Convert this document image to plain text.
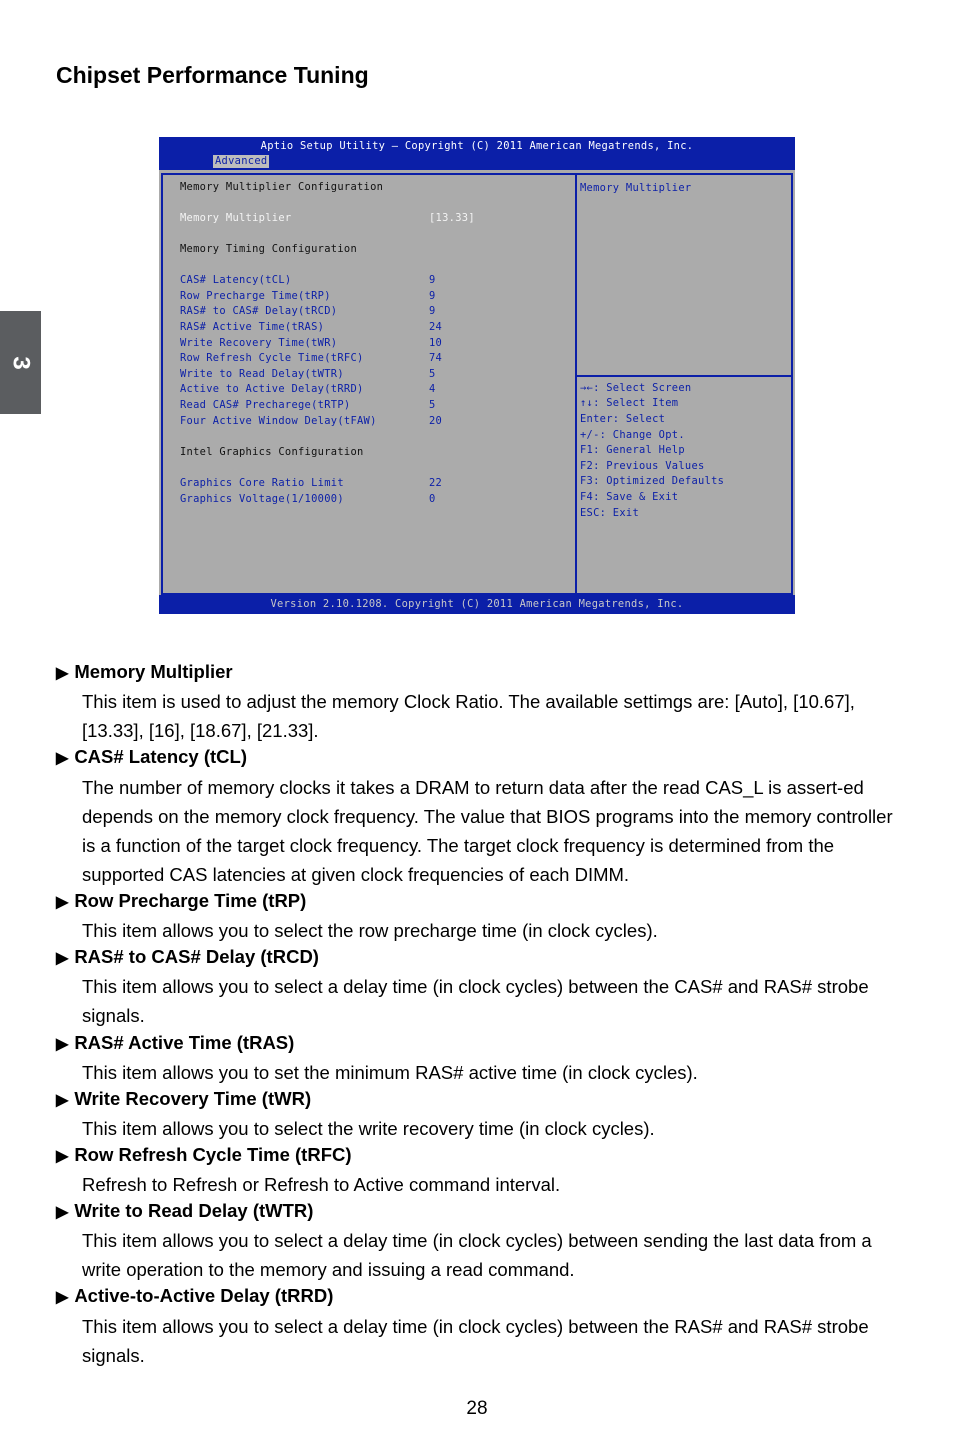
Chipset Performance Tuning
3
Aptio Setup Utility – Copyright (C) 2011 American Megatrends, Inc.
Advanced
Memory Multiplier Configuration
Memory Multiplier	[13.33]
Memory Timing Configuration
CAS# Latency(tCL)	9
Row Precharge Time(tRP)	9
RAS# to CAS# Delay(tRCD)	9
RAS# Active Time(tRAS)	24
Write Recovery Time(tWR)	10
Row Refresh Cycle Time(tRFC)	74
Write to Read Delay(tWTR)	5
Active to Active Delay(tRRD)	4
Read CAS# Precharege(tRTP)	5
Four Active Window Delay(tFAW)	20
Intel Graphics Configuration
Graphics Core Ratio Limit	22
Graphics Voltage(1/10000)	0
Memory Multiplier
→←: Select Screen
↑↓: Select Item
Enter: Select
+/-: Change Opt.
F1: General Help
F2: Previous Values
F3: Optimized Defaults
F4: Save & Exit
ESC: Exit
Version 2.10.1208. Copyright (C) 2011 American Megatrends, Inc.
▶ Memory Multiplier
This item is used to adjust the memory Clock Ratio. The available settimgs are: [Auto], [10.67], [13.33], [16], [18.67], [21.33].
▶ CAS# Latency (tCL)
The number of memory clocks it takes a DRAM to return data after the read CAS_L is assert-ed depends on the memory clock frequency. The value that BIOS programs into the memory controller is a function of the target clock frequency. The target clock frequency is determined from the supported CAS latencies at given clock frequencies of each DIMM.
▶ Row Precharge Time (tRP)
This item allows you to select the row precharge time (in clock cycles).
▶ RAS# to CAS# Delay (tRCD)
This item allows you to select a delay time (in clock cycles) between the CAS# and RAS# strobe signals.
▶ RAS# Active Time (tRAS)
This item allows you to set the minimum RAS# active time (in clock cycles).
▶ Write Recovery Time (tWR)
This item allows you to select the write recovery time (in clock cycles).
▶ Row Refresh Cycle Time (tRFC)
Refresh to Refresh or Refresh to Active command interval.
▶ Write to Read Delay (tWTR)
This item allows you to select a delay time (in clock cycles) between sending the last data from a write operation to the memory and issuing a read command.
▶ Active-to-Active Delay (tRRD)
This item allows you to select a delay time (in clock cycles) between the RAS# and RAS# strobe signals.
28
